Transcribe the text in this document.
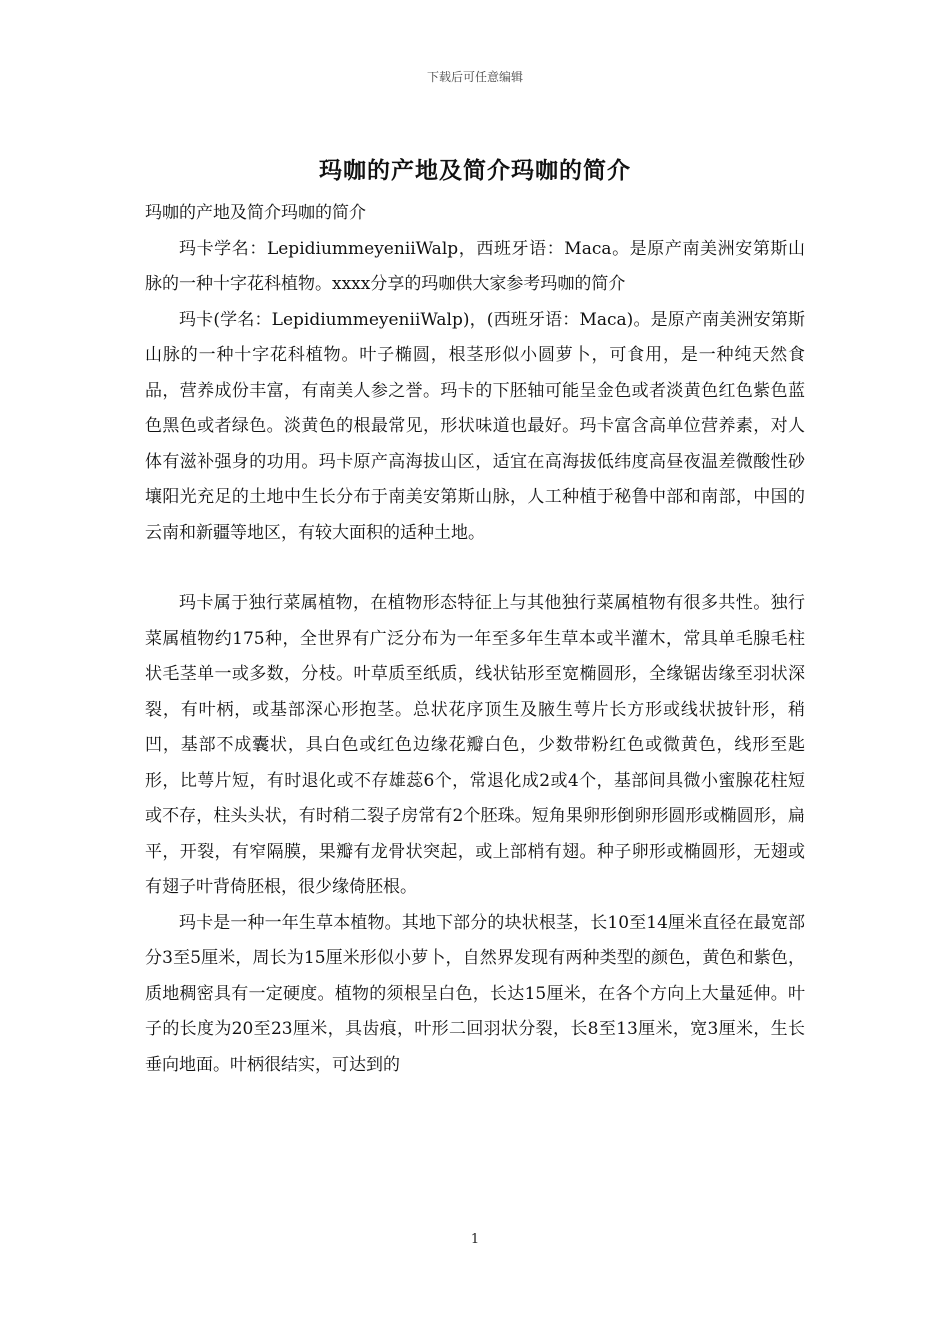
下载后可任意编辑
玛咖的产地及简介玛咖的简介

玛咖的产地及简介玛咖的简介

玛卡学名：LepidiummeyeniiWalp，西班牙语：Maca。是原产南美洲安第斯山脉的一种十字花科植物。xxxx分享的玛咖供大家参考玛咖的简介

玛卡(学名：LepidiummeyeniiWalp)，(西班牙语：Maca)。是原产南美洲安第斯山脉的一种十字花科植物。叶子椭圆，根茎形似小圆萝卜，可食用，是一种纯天然食品，营养成份丰富，有南美人参之誉。玛卡的下胚轴可能呈金色或者淡黄色红色紫色蓝色黑色或者绿色。淡黄色的根最常见，形状味道也最好。玛卡富含高单位营养素，对人体有滋补强身的功用。玛卡原产高海拔山区，适宜在高海拔低纬度高昼夜温差微酸性砂壤阳光充足的土地中生长分布于南美安第斯山脉，人工种植于秘鲁中部和南部，中国的云南和新疆等地区，有较大面积的适种土地。

玛卡属于独行菜属植物，在植物形态特征上与其他独行菜属植物有很多共性。独行菜属植物约175种，全世界有广泛分布为一年至多年生草本或半灌木，常具单毛腺毛柱状毛茎单一或多数，分枝。叶草质至纸质，线状钻形至宽椭圆形，全缘锯齿缘至羽状深裂，有叶柄，或基部深心形抱茎。总状花序顶生及腋生萼片长方形或线状披针形，稍凹，基部不成囊状，具白色或红色边缘花瓣白色，少数带粉红色或微黄色，线形至匙形，比萼片短，有时退化或不存雄蕊6个，常退化成2或4个，基部间具微小蜜腺花柱短或不存，柱头头状，有时稍二裂子房常有2个胚珠。短角果卵形倒卵形圆形或椭圆形，扁平，开裂，有窄隔膜，果瓣有龙骨状突起，或上部梢有翅。种子卵形或椭圆形，无翅或有翅子叶背倚胚根，很少缘倚胚根。

玛卡是一种一年生草本植物。其地下部分的块状根茎，长10至14厘米直径在最宽部分3至5厘米，周长为15厘米形似小萝卜，自然界发现有两种类型的颜色，黄色和紫色，质地稠密具有一定硬度。植物的须根呈白色，长达15厘米，在各个方向上大量延伸。叶子的长度为20至23厘米，具齿痕，叶形二回羽状分裂，长8至13厘米，宽3厘米，生长垂向地面。叶柄很结实，可达到的

1
